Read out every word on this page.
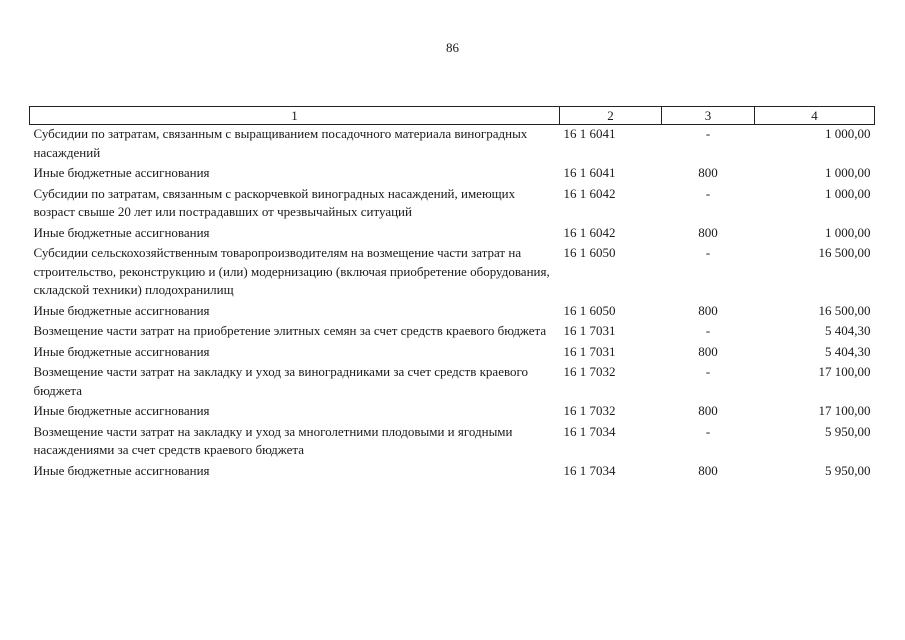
86
1	2	3	4
Субсидии по затратам, связанным с выращиванием посадочного материала виноградных насаждений	16 1 6041	-	1 000,00
Иные бюджетные ассигнования	16 1 6041	800	1 000,00
Субсидии по затратам, связанным с раскорчевкой виноградных насаждений, имеющих возраст свыше 20 лет или пострадавших от чрезвычайных ситуаций	16 1 6042	-	1 000,00
Иные бюджетные ассигнования	16 1 6042	800	1 000,00
Субсидии сельскохозяйственным товаропроизводителям на возмещение части затрат на строительство, реконструкцию и (или) модернизацию (включая приобретение оборудования, складской техники) плодохранилищ	16 1 6050	-	16 500,00
Иные бюджетные ассигнования	16 1 6050	800	16 500,00
Возмещение части затрат на приобретение элитных семян за счет средств краевого бюджета	16 1 7031	-	5 404,30
Иные бюджетные ассигнования	16 1 7031	800	5 404,30
Возмещение части затрат на закладку и уход за виноградниками за счет средств краевого бюджета	16 1 7032	-	17 100,00
Иные бюджетные ассигнования	16 1 7032	800	17 100,00
Возмещение части затрат на закладку и уход за многолетними плодовыми и ягодными насаждениями за счет средств краевого бюджета	16 1 7034	-	5 950,00
Иные бюджетные ассигнования	16 1 7034	800	5 950,00
